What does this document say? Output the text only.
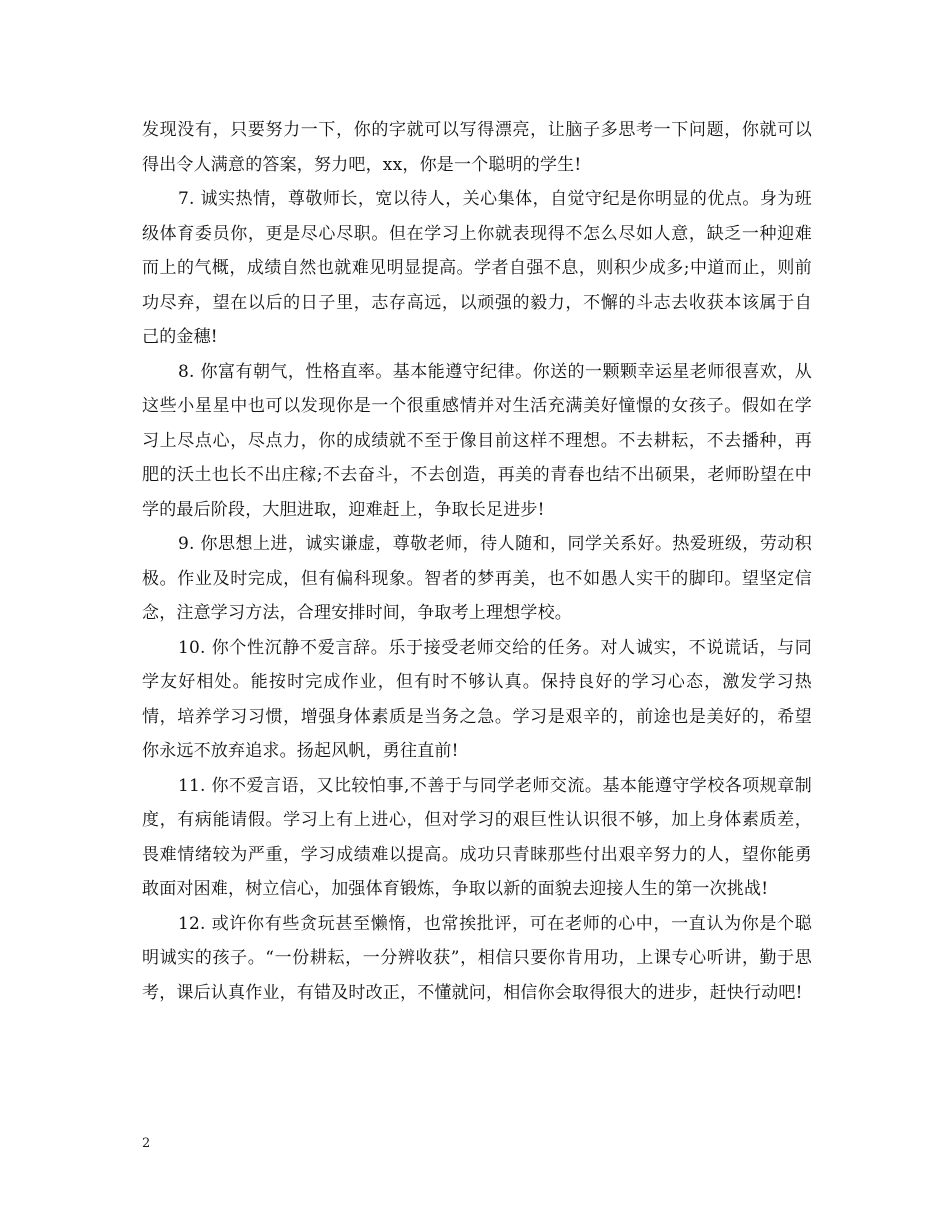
发现没有，只要努力一下，你的字就可以写得漂亮，让脑子多思考一下问题，你就可以得出令人满意的答案，努力吧，xx，你是一个聪明的学生!

7. 诚实热情，尊敬师长，宽以待人，关心集体，自觉守纪是你明显的优点。身为班级体育委员你，更是尽心尽职。但在学习上你就表现得不怎么尽如人意，缺乏一种迎难而上的气概，成绩自然也就难见明显提高。学者自强不息，则积少成多;中道而止，则前功尽弃，望在以后的日子里，志存高远，以顽强的毅力，不懈的斗志去收获本该属于自己的金穗!

8. 你富有朝气，性格直率。基本能遵守纪律。你送的一颗颗幸运星老师很喜欢，从这些小星星中也可以发现你是一个很重感情并对生活充满美好憧憬的女孩子。假如在学习上尽点心，尽点力，你的成绩就不至于像目前这样不理想。不去耕耘，不去播种，再肥的沃土也长不出庄稼;不去奋斗，不去创造，再美的青春也结不出硕果，老师盼望在中学的最后阶段，大胆进取，迎难赶上，争取长足进步!

9. 你思想上进，诚实谦虚，尊敬老师，待人随和，同学关系好。热爱班级，劳动积极。作业及时完成，但有偏科现象。智者的梦再美，也不如愚人实干的脚印。望坚定信念，注意学习方法，合理安排时间，争取考上理想学校。

10. 你个性沉静不爱言辞。乐于接受老师交给的任务。对人诚实，不说谎话，与同学友好相处。能按时完成作业，但有时不够认真。保持良好的学习心态，激发学习热情，培养学习习惯，增强身体素质是当务之急。学习是艰辛的，前途也是美好的，希望你永远不放弃追求。扬起风帆，勇往直前!

11. 你不爱言语，又比较怕事,不善于与同学老师交流。基本能遵守学校各项规章制度，有病能请假。学习上有上进心，但对学习的艰巨性认识很不够，加上身体素质差，畏难情绪较为严重，学习成绩难以提高。成功只青睐那些付出艰辛努力的人，望你能勇敢面对困难，树立信心，加强体育锻炼，争取以新的面貌去迎接人生的第一次挑战!

12. 或许你有些贪玩甚至懒惰，也常挨批评，可在老师的心中，一直认为你是个聪明诚实的孩子。“一份耕耘，一分辨收获”，相信只要你肯用功，上课专心听讲，勤于思考，课后认真作业，有错及时改正，不懂就问，相信你会取得很大的进步，赶快行动吧!

2
